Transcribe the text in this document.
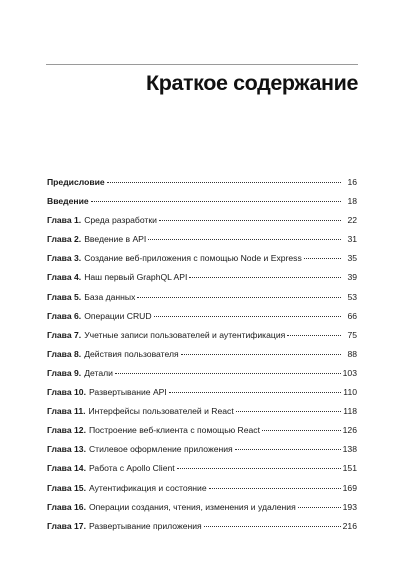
Краткое содержание
Предисловие	16
Введение	18
Глава 1. Среда разработки	22
Глава 2. Введение в API	31
Глава 3. Создание веб-приложения с помощью Node и Express	35
Глава 4. Наш первый GraphQL API	39
Глава 5. База данных	53
Глава 6. Операции CRUD	66
Глава 7. Учетные записи пользователей и аутентификация	75
Глава 8. Действия пользователя	88
Глава 9. Детали	103
Глава 10. Развертывание API	110
Глава 11. Интерфейсы пользователей и React	118
Глава 12. Построение веб-клиента с помощью React	126
Глава 13. Стилевое оформление приложения	138
Глава 14. Работа с Apollo Client	151
Глава 15. Аутентификация и состояние	169
Глава 16. Операции создания, чтения, изменения и удаления	193
Глава 17. Развертывание приложения	216
